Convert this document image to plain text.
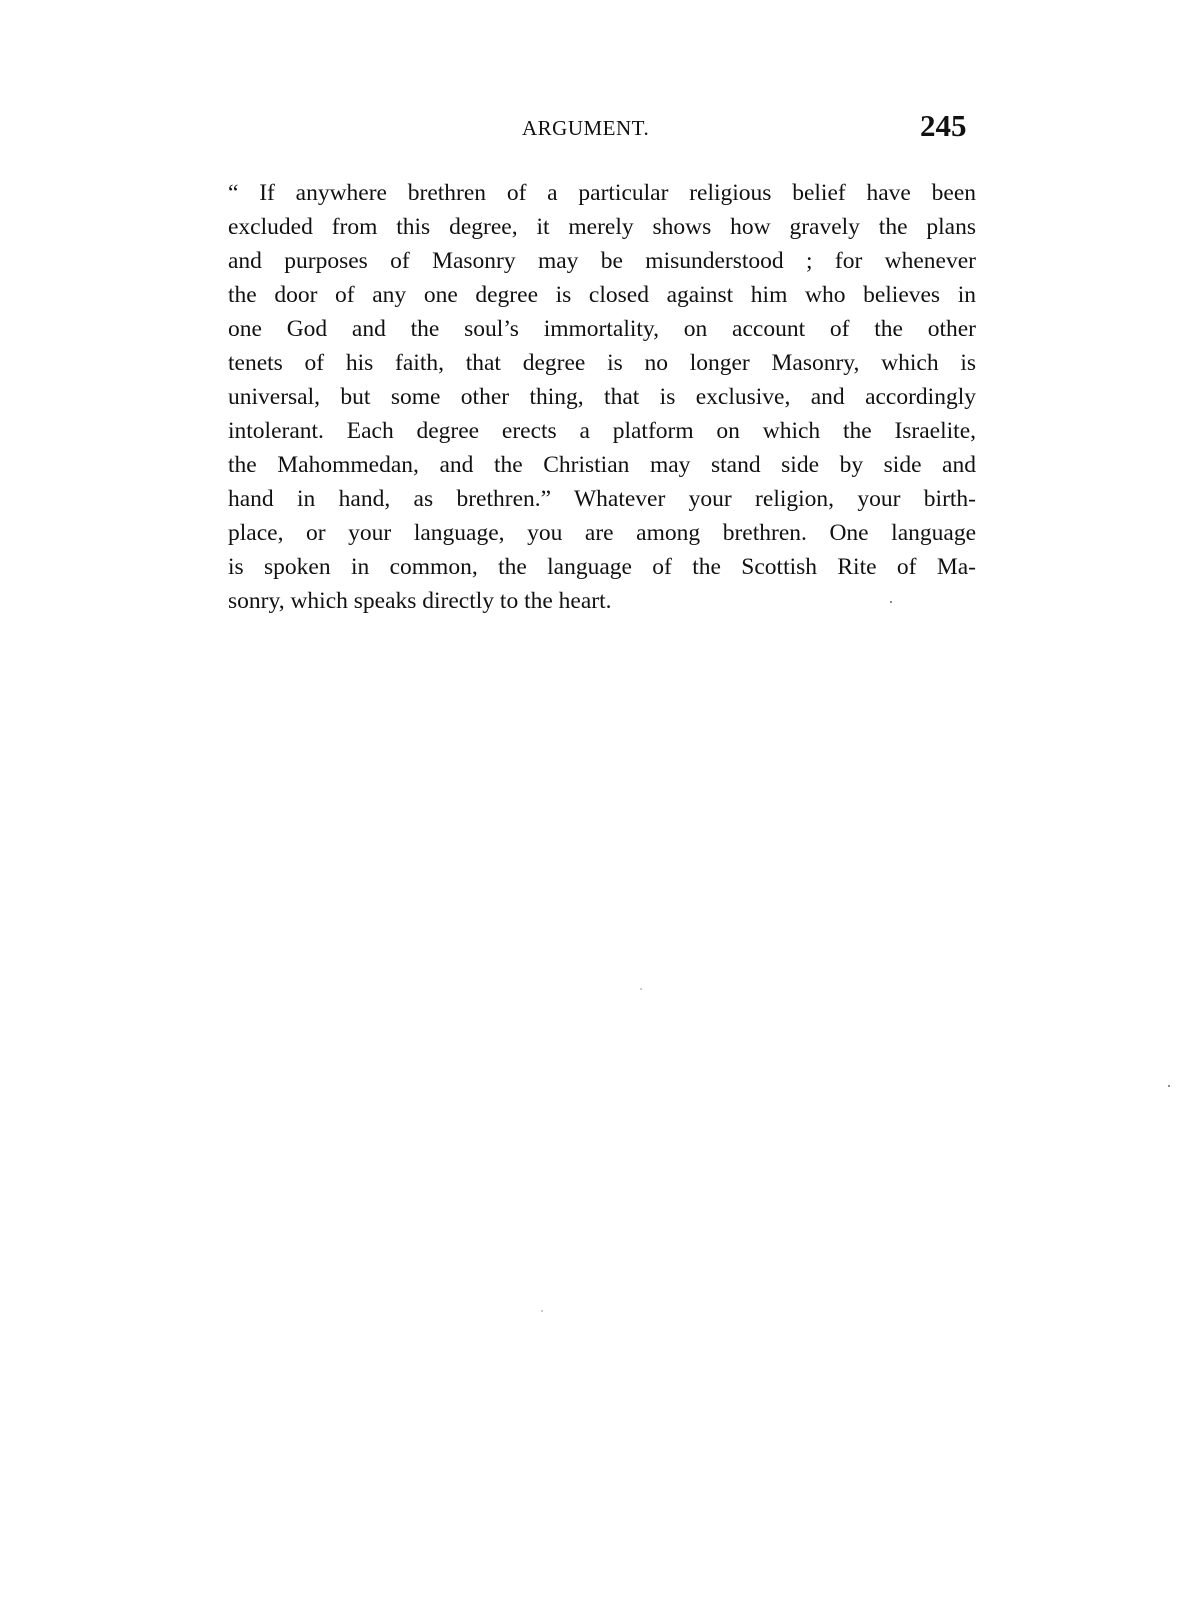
ARGUMENT.	245
“ If anywhere brethren of a particular religious belief have been
excluded from this degree, it merely shows how gravely the plans
and purposes of Masonry may be misunderstood ; for whenever
the door of any one degree is closed against him who believes in
one God and the soul’s immortality, on account of the other
tenets of his faith, that degree is no longer Masonry, which is
universal, but some other thing, that is exclusive, and accordingly
intolerant. Each degree erects a platform on which the Israelite,
the Mahommedan, and the Christian may stand side by side and
hand in hand, as brethren.” Whatever your religion, your birth-
place, or your language, you are among brethren. One language
is spoken in common, the language of the Scottish Rite of Ma-
sonry, which speaks directly to the heart.
